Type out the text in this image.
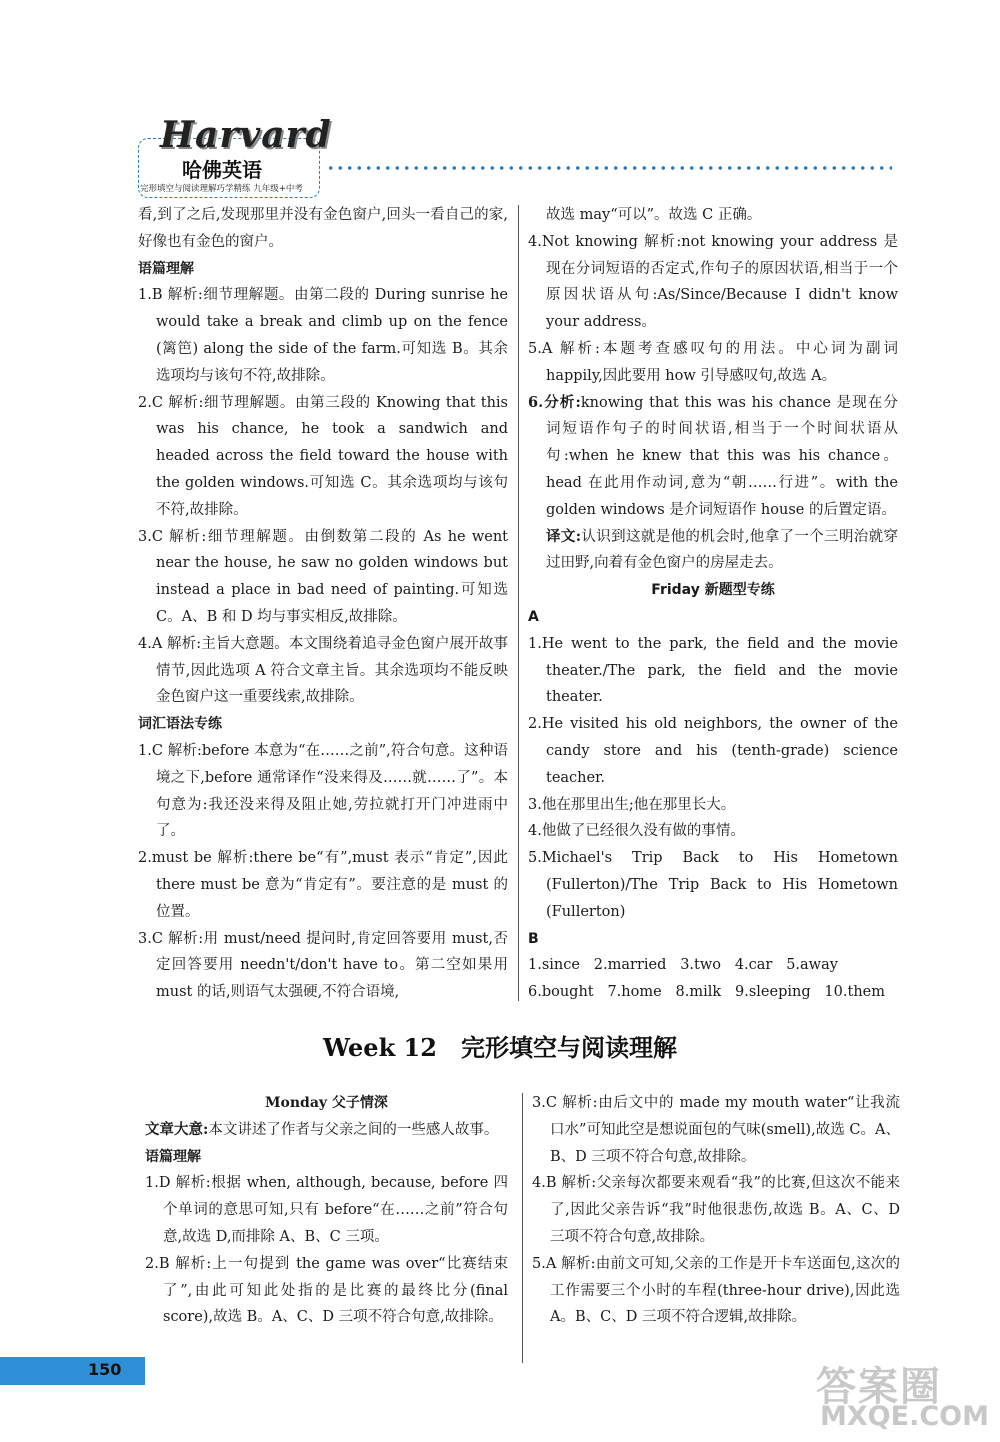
Harvard
哈佛英语
完形填空与阅读理解巧学精练 九年级+中考

看,到了之后,发现那里并没有金色窗户,回头一看自己的家,好像也有金色的窗户。

语篇理解

1.B 解析:细节理解题。由第二段的 During sunrise he would take a break and climb up on the fence (篱笆) along the side of the farm.可知选 B。其余选项均与该句不符,故排除。

2.C 解析:细节理解题。由第三段的 Knowing that this was his chance, he took a sandwich and headed across the field toward the house with the golden windows.可知选 C。其余选项均与该句不符,故排除。

3.C 解析:细节理解题。由倒数第二段的 As he went near the house, he saw no golden windows but instead a place in bad need of painting.可知选 C。A、B 和 D 均与事实相反,故排除。

4.A 解析:主旨大意题。本文围绕着追寻金色窗户展开故事情节,因此选项 A 符合文章主旨。其余选项均不能反映金色窗户这一重要线索,故排除。

词汇语法专练

1.C 解析:before 本意为“在……之前”,符合句意。这种语境之下,before 通常译作“没来得及……就……了”。本句意为:我还没来得及阻止她,劳拉就打开门冲进雨中了。

2.must be 解析:there be“有”,must 表示“肯定”,因此 there must be 意为“肯定有”。要注意的是 must 的位置。

3.C 解析:用 must/need 提问时,肯定回答要用 must,否定回答要用 needn't/don't have to。第二空如果用 must 的话,则语气太强硬,不符合语境,

故选 may“可以”。故选 C 正确。

4.Not knowing 解析:not knowing your address 是现在分词短语的否定式,作句子的原因状语,相当于一个原因状语从句:As/Since/Because I didn't know your address。

5.A 解析:本题考查感叹句的用法。中心词为副词 happily,因此要用 how 引导感叹句,故选 A。

6.分析:knowing that this was his chance 是现在分词短语作句子的时间状语,相当于一个时间状语从句:when he knew that this was his chance。head 在此用作动词,意为“朝……行进”。with the golden windows 是介词短语作 house 的后置定语。

译文:认识到这就是他的机会时,他拿了一个三明治就穿过田野,向着有金色窗户的房屋走去。

Friday 新题型专练

A

1.He went to the park, the field and the movie theater./The park, the field and the movie theater.

2.He visited his old neighbors, the owner of the candy store and his (tenth-grade) science teacher.

3.他在那里出生;他在那里长大。

4.他做了已经很久没有做的事情。

5.Michael's Trip Back to His Hometown (Fullerton)/The Trip Back to His Hometown (Fullerton)

B

1.since   2.married   3.two   4.car   5.away

6.bought   7.home   8.milk   9.sleeping   10.them

Week 12 完形填空与阅读理解

Monday 父子情深

文章大意:本文讲述了作者与父亲之间的一些感人故事。

语篇理解

1.D 解析:根据 when, although, because, before 四个单词的意思可知,只有 before“在……之前”符合句意,故选 D,而排除 A、B、C 三项。

2.B 解析:上一句提到 the game was over“比赛结束了”,由此可知此处指的是比赛的最终比分(final score),故选 B。A、C、D 三项不符合句意,故排除。

3.C 解析:由后文中的 made my mouth water“让我流口水”可知此空是想说面包的气味(smell),故选 C。A、B、D 三项不符合句意,故排除。

4.B 解析:父亲每次都要来观看“我”的比赛,但这次不能来了,因此父亲告诉“我”时他很悲伤,故选 B。A、C、D 三项不符合句意,故排除。

5.A 解析:由前文可知,父亲的工作是开卡车送面包,这次的工作需要三个小时的车程(three-hour drive),因此选 A。B、C、D 三项不符合逻辑,故排除。

150	答案圈
MXQE.COM
